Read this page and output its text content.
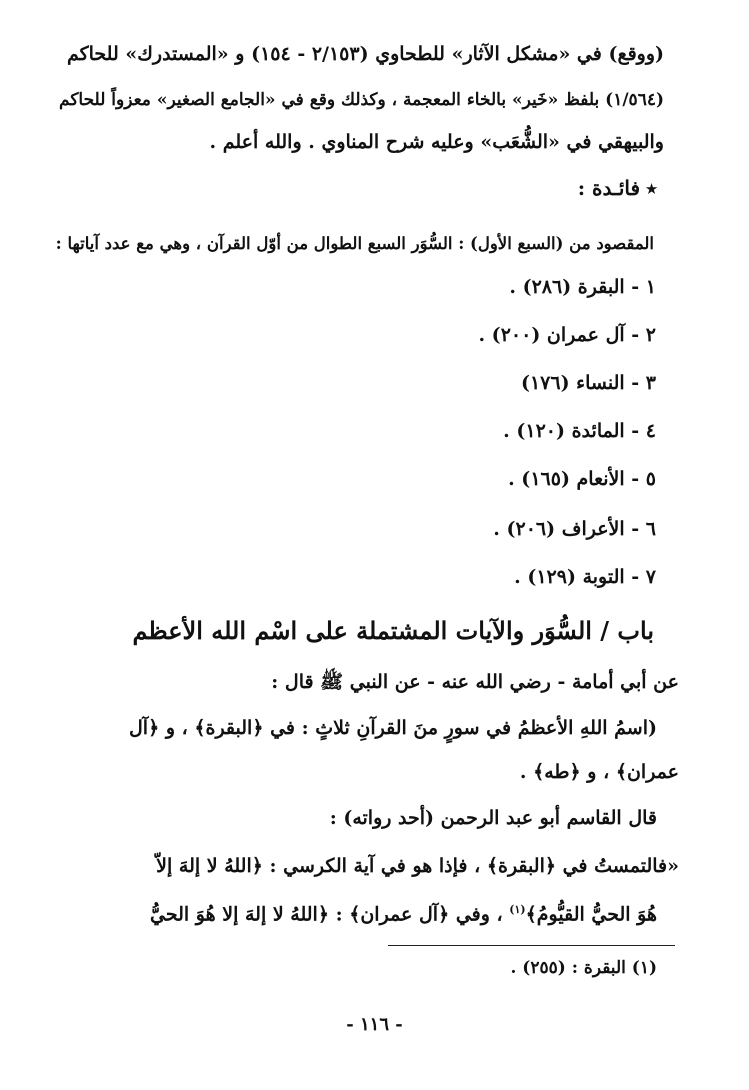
(ووقع) في «مشكل الآثار» للطحاوي (٢/١٥٣ - ١٥٤) و «المستدرك» للحاكم
(١/٥٦٤) بلفظ «خَير» بالخاء المعجمة ، وكذلك وقع في «الجامع الصغير» معزواً للحاكم
والبيهقي في «الشُّعَب» وعليه شرح المناوي . والله أعلم .
٭فائـدة :
المقصود من (السبع الأول) : السُّوَر السبع الطوال من أوّل القرآن ، وهي مع عدد آياتها :
١ - البقرة (٢٨٦) .
٢ - آل عمران (٢٠٠) .
٣ - النساء (١٧٦)
٤ - المائدة (١٢٠) .
٥ - الأنعام (١٦٥) .
٦ - الأعراف (٢٠٦) .
٧ - التوبة (١٢٩) .
باب / السُّوَر والآيات المشتملة على اسْم الله الأعظم
عن أبي أمامة - رضي الله عنه - عن النبي ﷺ قال :
(اسمُ اللهِ الأعظمُ في سورٍ منَ القرآنِ ثلاثٍ : في ﴿البقرة﴾ ، و ﴿آل
عمران﴾ ، و ﴿طه﴾ .
قال القاسم أبو عبد الرحمن (أحد رواته) :
«فالتمستُ في ﴿البقرة﴾ ، فإذا هو في آية الكرسي : ﴿اللهُ لا إلهَ إلاّ
هُوَ الحيُّ القيُّومُ﴾$^{(١)}$ ، وفي ﴿آل عمران﴾ : ﴿اللهُ لا إلهَ إلا هُوَ الحيُّ
(١) البقرة : (٢٥٥) .
- ١١٦ -
